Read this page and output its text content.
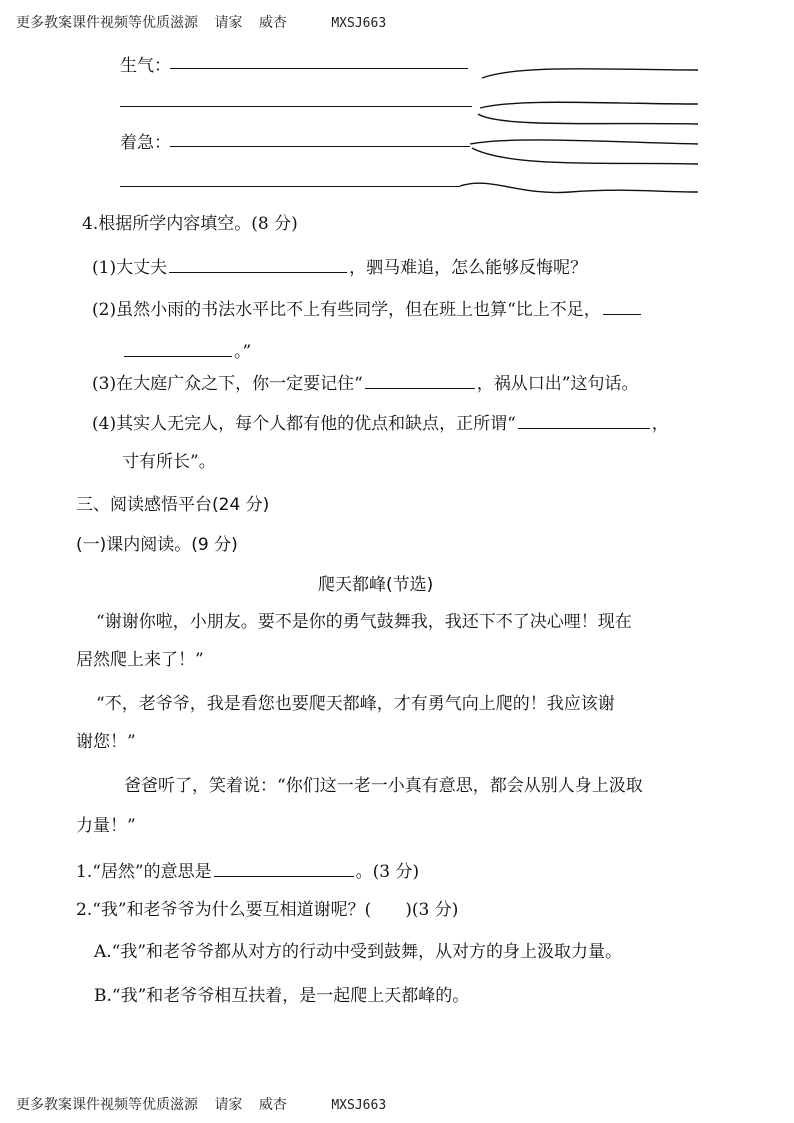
更多教案课件视频等优质滋源 请家 威杏	MXSJ663
生气：
着急：
4.根据所学内容填空。(8 分)
(1)大丈夫	，驷马难追，怎么能够反悔呢？
(2)虽然小雨的书法水平比不上有些同学，但在班上也算“比上不足，
。”
(3)在大庭广众之下，你一定要记住“	，祸从口出”这句话。
(4)其实人无完人，每个人都有他的优点和缺点，正所谓“	，
寸有所长”。
三、阅读感悟平台(24 分)
(一)课内阅读。(9 分)
爬天都峰(节选)
“谢谢你啦，小朋友。要不是你的勇气鼓舞我，我还下不了决心哩！现在
居然爬上来了！”
“不，老爷爷，我是看您也要爬天都峰，才有勇气向上爬的！我应该谢
谢您！”
爸爸听了，笑着说：“你们这一老一小真有意思，都会从别人身上汲取
力量！”
1.“居然”的意思是	。(3 分)
2.“我”和老爷爷为什么要互相道谢呢？(　　)(3 分)
A.“我”和老爷爷都从对方的行动中受到鼓舞，从对方的身上汲取力量。
B.“我”和老爷爷相互扶着，是一起爬上天都峰的。
更多教案课件视频等优质滋源 请家 威杏	MXSJ663
